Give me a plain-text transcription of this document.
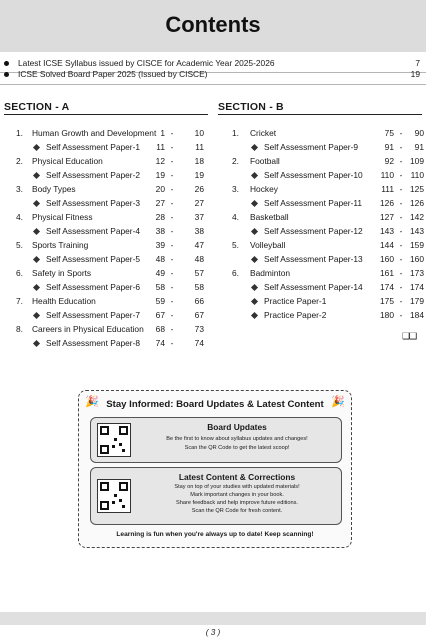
Contents
Latest ICSE Syllabus issued by CISCE for Academic Year 2025-2026	7
ICSE Solved Board Paper 2025 (Issued by CISCE)	19
SECTION - A	SECTION - B
1. Human Growth and Development 1 -	10
Self Assessment Paper-1	11 -	11
2. Physical Education	12 -	18
Self Assessment Paper-2	19 -	19
3. Body Types	20 -	26
Self Assessment Paper-3	27 -	27
4. Physical Fitness	28 -	37
Self Assessment Paper-4	38 -	38
5. Sports Training	39 -	47
Self Assessment Paper-5	48 -	48
6. Safety in Sports	49 -	57
Self Assessment Paper-6	58 -	58
7. Health Education	59 -	66
Self Assessment Paper-7	67 -	67
8. Careers in Physical Education	68 -	73
Self Assessment Paper-8	74 -	74
1. Cricket	75 -	90
Self Assessment Paper-9	91 -	91
2. Football	92 - 109
Self Assessment Paper-10	110 - 110
3. Hockey	111 - 125
Self Assessment Paper-11	126 - 126
4. Basketball	127 - 142
Self Assessment Paper-12	143 - 143
5. Volleyball	144 - 159
Self Assessment Paper-13	160 - 160
6. Badminton	161 - 173
Self Assessment Paper-14	174 - 174
Practice Paper-1	175 - 179
Practice Paper-2	180 - 184
❑❑
🎉	🎉
Stay Informed: Board Updates & Latest Content
Board Updates
Be the first to know about syllabus updates and changes!
Scan the QR Code to get the latest scoop!
Latest Content & Corrections
Stay on top of your studies with updated materials!
Mark important changes in your book.
Share feedback and help improve future editions.
Scan the QR Code for fresh content.
Learning is fun when you're always up to date! Keep scanning!
( 3 )
